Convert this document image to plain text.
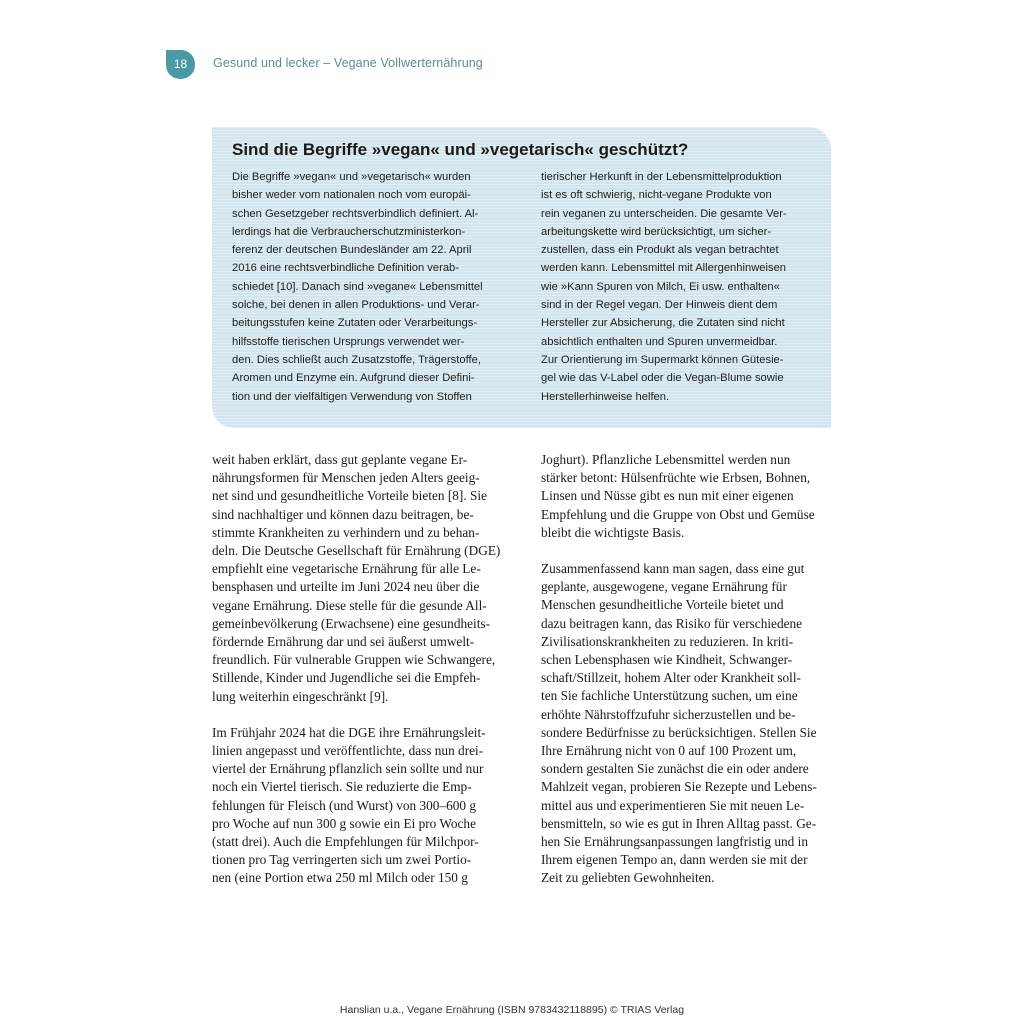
18	Gesund und lecker – Vegane Vollwerternährung
Sind die Begriffe »vegan« und »vegetarisch« geschützt?
Die Begriffe »vegan« und »vegetarisch« wurden
bisher weder vom nationalen noch vom europäi-
schen Gesetzgeber rechtsverbindlich definiert. Al-
lerdings hat die Verbraucherschutzministerkon-
ferenz der deutschen Bundesländer am 22. April
2016 eine rechtsverbindliche Definition verab-
schiedet [10]. Danach sind »vegane« Lebensmittel
solche, bei denen in allen Produktions- und Verar-
beitungsstufen keine Zutaten oder Verarbeitungs-
hilfsstoffe tierischen Ursprungs verwendet wer-
den. Dies schließt auch Zusatzstoffe, Trägerstoffe,
Aromen und Enzyme ein. Aufgrund dieser Defini-
tion und der vielfältigen Verwendung von Stoffen
tierischer Herkunft in der Lebensmittelproduktion
ist es oft schwierig, nicht-vegane Produkte von
rein veganen zu unterscheiden. Die gesamte Ver-
arbeitungskette wird berücksichtigt, um sicher-
zustellen, dass ein Produkt als vegan betrachtet
werden kann. Lebensmittel mit Allergenhinweisen
wie »Kann Spuren von Milch, Ei usw. enthalten«
sind in der Regel vegan. Der Hinweis dient dem
Hersteller zur Absicherung, die Zutaten sind nicht
absichtlich enthalten und Spuren unvermeidbar.
Zur Orientierung im Supermarkt können Gütesie-
gel wie das V-Label oder die Vegan-Blume sowie
Herstellerhinweise helfen.
weit haben erklärt, dass gut geplante vegane Er-
nährungsformen für Menschen jeden Alters geeig-
net sind und gesundheitliche Vorteile bieten [8]. Sie
sind nachhaltiger und können dazu beitragen, be-
stimmte Krankheiten zu verhindern und zu behan-
deln. Die Deutsche Gesellschaft für Ernährung (DGE)
empfiehlt eine vegetarische Ernährung für alle Le-
bensphasen und urteilte im Juni 2024 neu über die
vegane Ernährung. Diese stelle für die gesunde All-
gemeinbevölkerung (Erwachsene) eine gesundheits-
fördernde Ernährung dar und sei äußerst umwelt-
freundlich. Für vulnerable Gruppen wie Schwangere,
Stillende, Kinder und Jugendliche sei die Empfeh-
lung weiterhin eingeschränkt [9].
Im Frühjahr 2024 hat die DGE ihre Ernährungsleit-
linien angepasst und veröffentlichte, dass nun drei-
viertel der Ernährung pflanzlich sein sollte und nur
noch ein Viertel tierisch. Sie reduzierte die Emp-
fehlungen für Fleisch (und Wurst) von 300–600 g
pro Woche auf nun 300 g sowie ein Ei pro Woche
(statt drei). Auch die Empfehlungen für Milchpor-
tionen pro Tag verringerten sich um zwei Portio-
nen (eine Portion etwa 250 ml Milch oder 150 g
Joghurt). Pflanzliche Lebensmittel werden nun
stärker betont: Hülsenfrüchte wie Erbsen, Bohnen,
Linsen und Nüsse gibt es nun mit einer eigenen
Empfehlung und die Gruppe von Obst und Gemüse
bleibt die wichtigste Basis.
Zusammenfassend kann man sagen, dass eine gut
geplante, ausgewogene, vegane Ernährung für
Menschen gesundheitliche Vorteile bietet und
dazu beitragen kann, das Risiko für verschiedene
Zivilisationskrankheiten zu reduzieren. In kriti-
schen Lebensphasen wie Kindheit, Schwanger-
schaft/Stillzeit, hohem Alter oder Krankheit soll-
ten Sie fachliche Unterstützung suchen, um eine
erhöhte Nährstoffzufuhr sicherzustellen und be-
sondere Bedürfnisse zu berücksichtigen. Stellen Sie
Ihre Ernährung nicht von 0 auf 100 Prozent um,
sondern gestalten Sie zunächst die ein oder andere
Mahlzeit vegan, probieren Sie Rezepte und Lebens-
mittel aus und experimentieren Sie mit neuen Le-
bensmitteln, so wie es gut in Ihren Alltag passt. Ge-
hen Sie Ernährungsanpassungen langfristig und in
Ihrem eigenen Tempo an, dann werden sie mit der
Zeit zu geliebten Gewohnheiten.
Hanslian u.a., Vegane Ernährung (ISBN 9783432118895) © TRIAS Verlag
